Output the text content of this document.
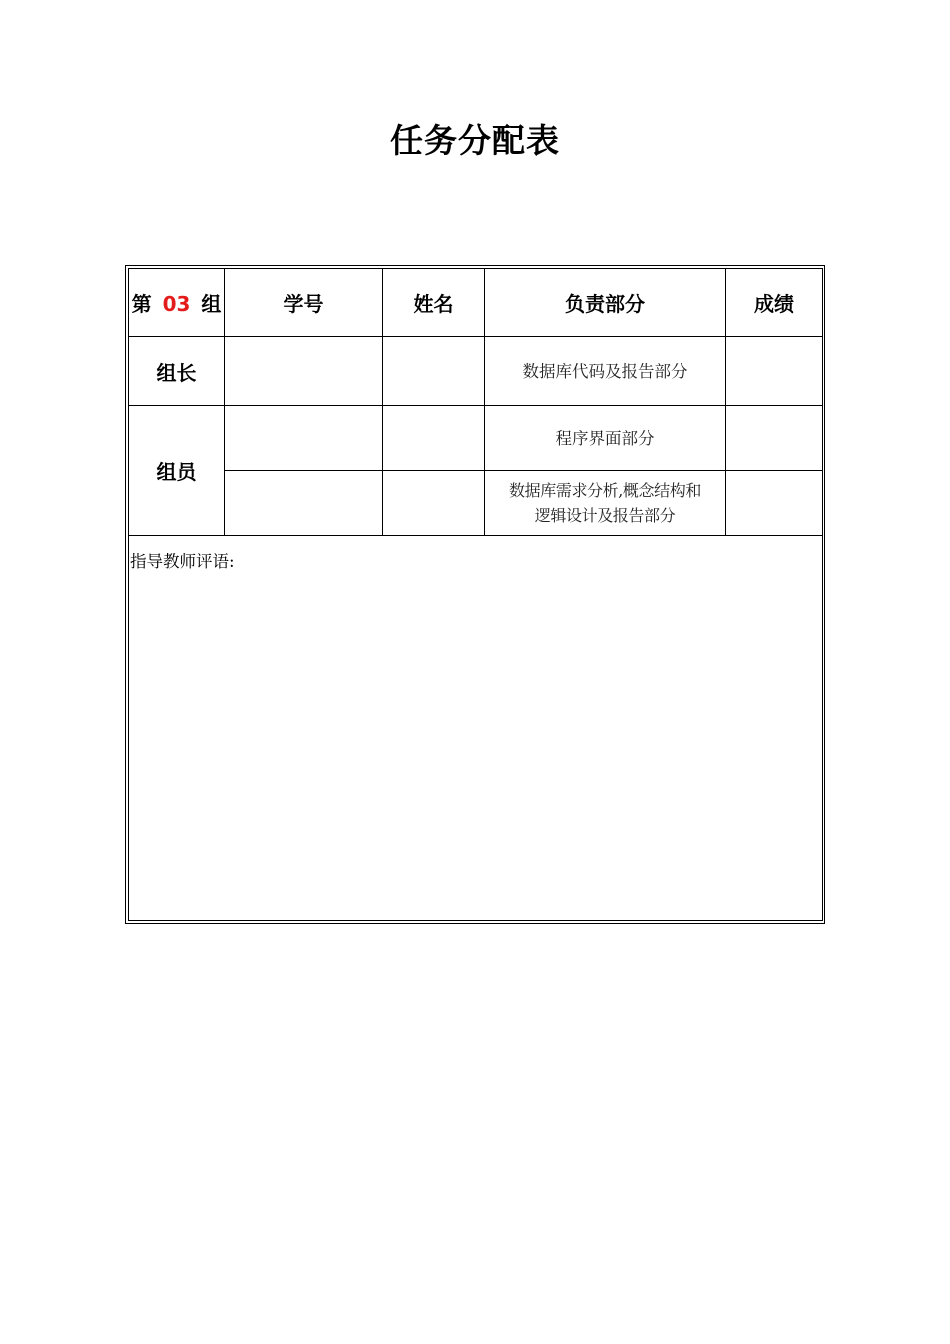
任务分配表
第 03 组	学号	姓名	负责部分	成绩
组长			数据库代码及报告部分	
组员			程序界面部分	
			数据库需求分析,概念结构和
逻辑设计及报告部分	

指导教师评语:				
